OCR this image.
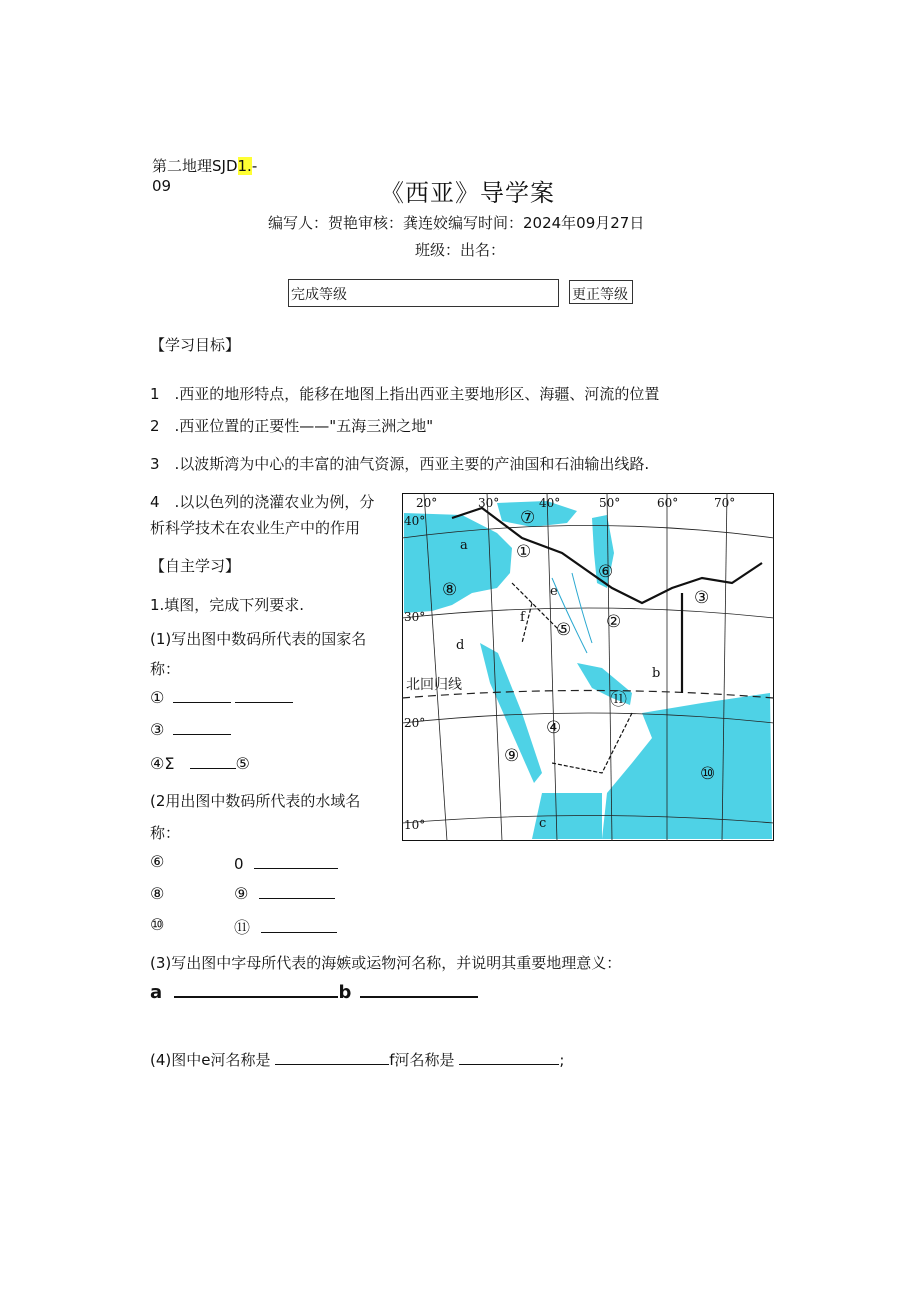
第二地理SJD1.-
09	《西亚》导学案
编写人：贺艳审核：龚连姣编写时间：2024年09月27日
班级：出名：
完成等级	更正等级
【学习目标】
1　.西亚的地形特点，能移在地图上指出西亚主要地形区、海疆、河流的位置
2　.西亚位置的正要性——"五海三洲之地"
3　.以波斯湾为中心的丰富的油气资源，西亚主要的产油国和石油输出线路.
4　.以以色列的浇灌农业为例，分
析科学技术在农业生产中的作用
【自主学习】
1.填图，完成下列要求.
(1)写出图中数码所代表的国家名
称：
①
③
④Σ	⑤
(2用出图中数码所代表的水域名
称：
⑥	0
⑧	⑨
⑩	⑪
(3)写出图中字母所代表的海嫉或运物河名称，并说明其重要地理意义：
a	b
(4)图中e河名称是	f河名称是	;
20°	30°	40°	50°	60°	70°
40°
30°
20°
10°
北回归线
①
②
③
④
⑤
⑥
⑦
⑧
⑨
⑩
⑪
a
b
c
d
e
f
